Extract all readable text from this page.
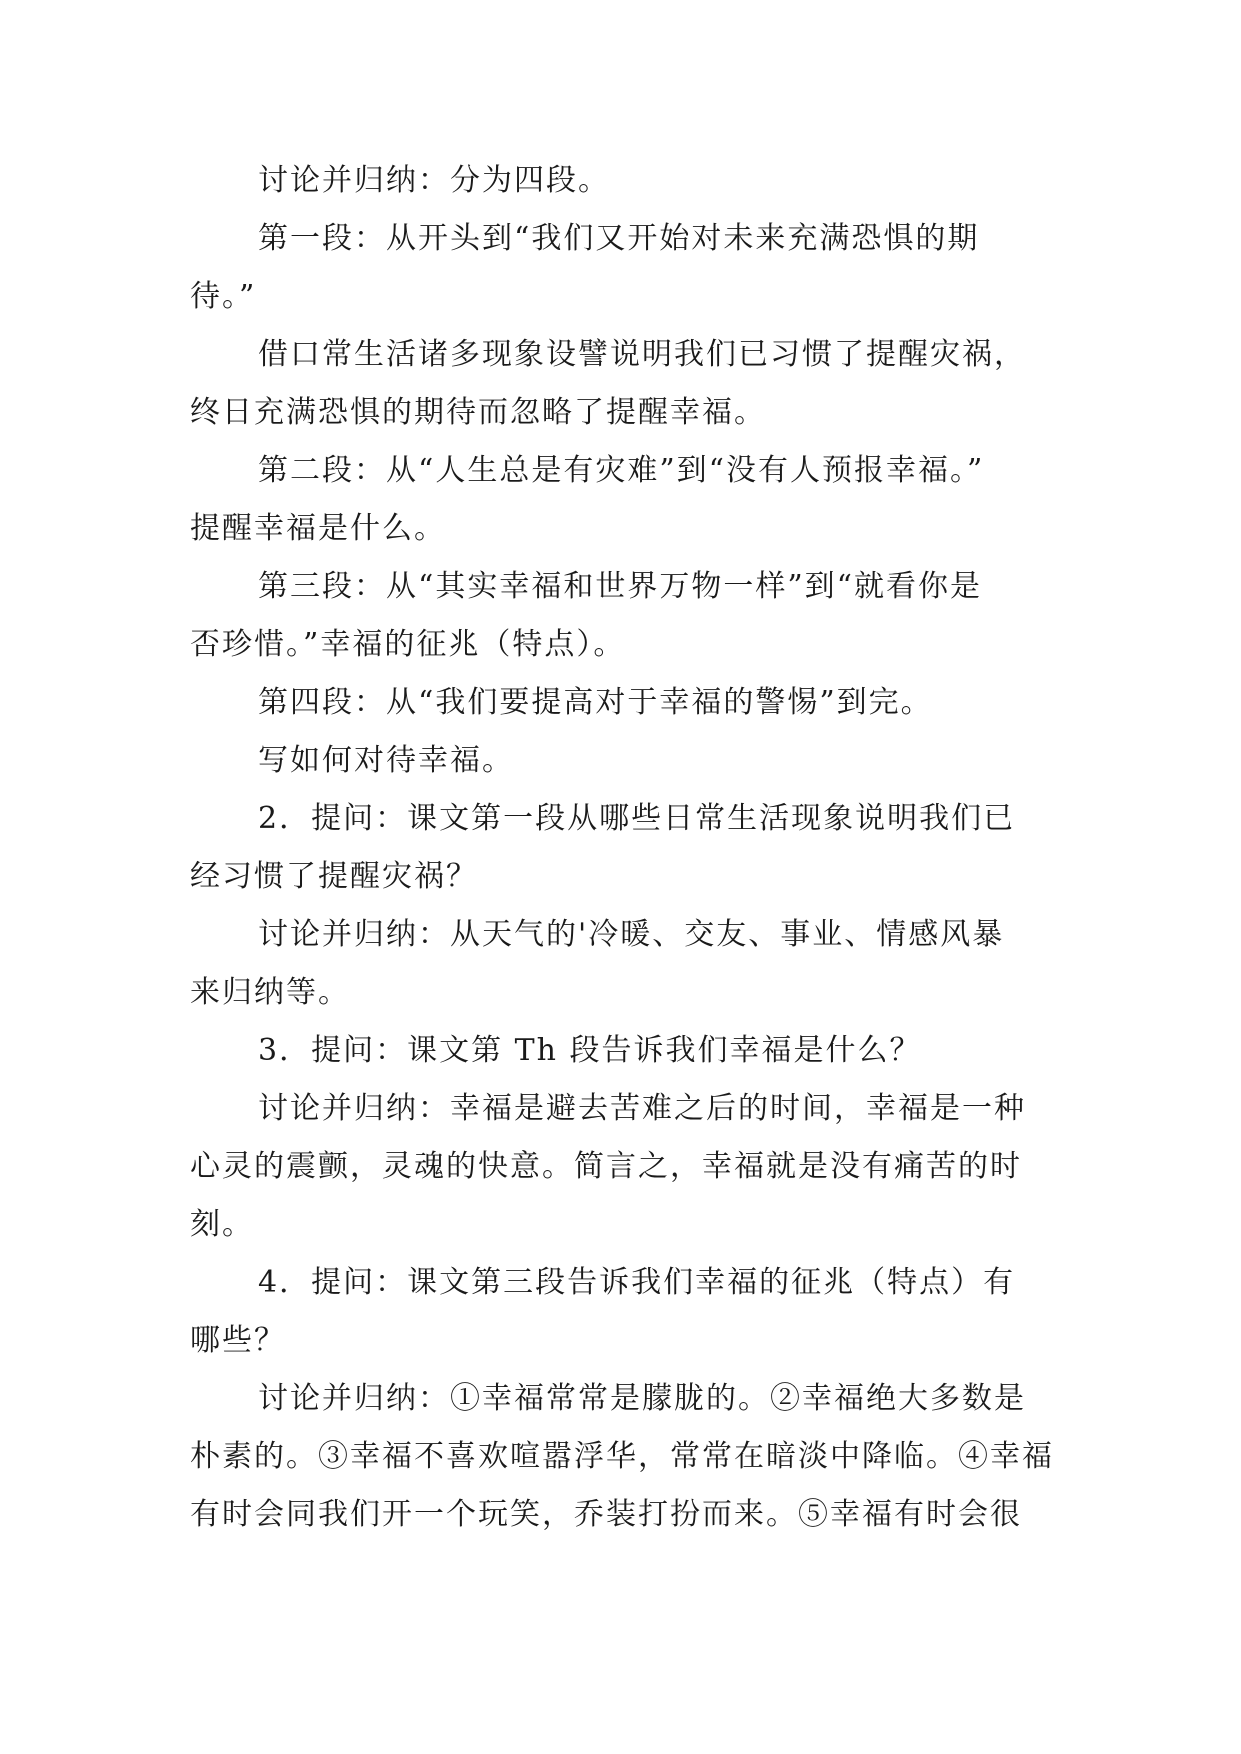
讨论并归纳：分为四段。
第一段：从开头到“我们又开始对未来充满恐惧的期
待。”
借口常生活诸多现象设譬说明我们已习惯了提醒灾祸，
终日充满恐惧的期待而忽略了提醒幸福。
第二段：从“人生总是有灾难”到“没有人预报幸福。”
提醒幸福是什么。
第三段：从“其实幸福和世界万物一样”到“就看你是
否珍惜。”幸福的征兆（特点）。
第四段：从“我们要提高对于幸福的警惕”到完。
写如何对待幸福。
2．提问：课文第一段从哪些日常生活现象说明我们已
经习惯了提醒灾祸？
讨论并归纳：从天气的'冷暖、交友、事业、情感风暴
来归纳等。
3．提问：课文第 Th 段告诉我们幸福是什么？
讨论并归纳：幸福是避去苦难之后的时间，幸福是一种
心灵的震颤，灵魂的快意。简言之，幸福就是没有痛苦的时
刻。
4．提问：课文第三段告诉我们幸福的征兆（特点）有
哪些？
讨论并归纳：①幸福常常是朦胧的。②幸福绝大多数是
朴素的。③幸福不喜欢喧嚣浮华，常常在暗淡中降临。④幸福
有时会同我们开一个玩笑，乔装打扮而来。⑤幸福有时会很
